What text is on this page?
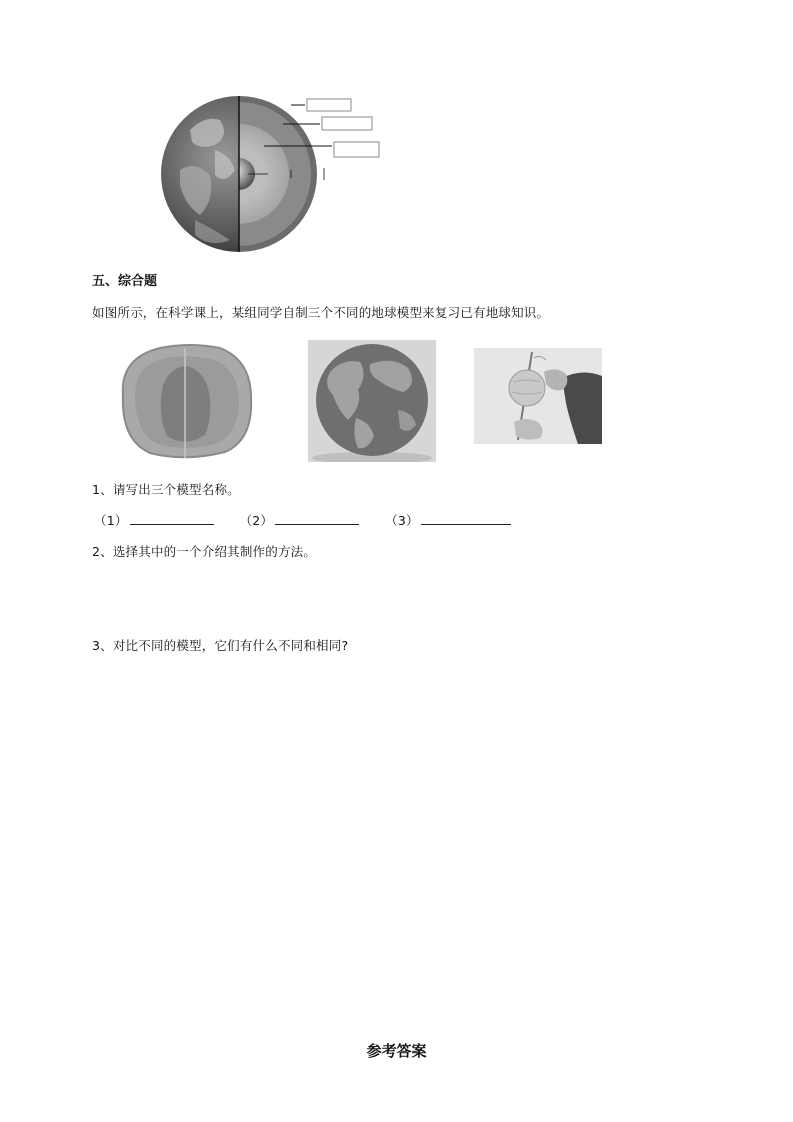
五、综合题
如图所示，在科学课上，某组同学自制三个不同的地球模型来复习已有地球知识。
1、请写出三个模型名称。
（1）	（2）	（3）
2、选择其中的一个介绍其制作的方法。
3、对比不同的模型，它们有什么不同和相同?
参考答案
